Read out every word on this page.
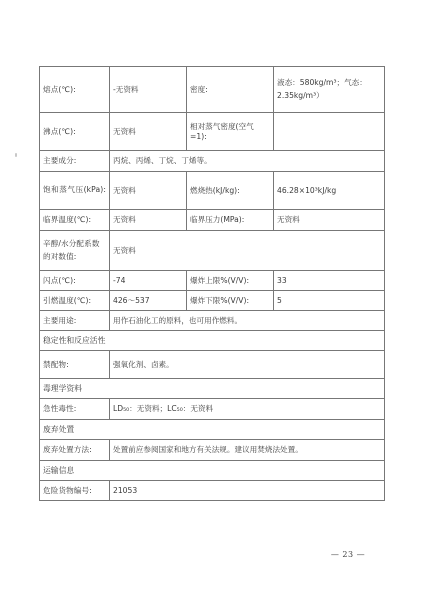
熔点(℃):	-无资料	密度:	液态：580kg/m³；气态：2.35kg/m³）
沸点(℃):	无资料	相对蒸气密度(空气=1):	
主要成分:	丙烷、丙烯、丁烷、丁烯等。		
饱和蒸气压(kPa):	无资料	燃烧热(kJ/kg):	46.28×10³kJ/kg
临界温度(℃):	无资料	临界压力(MPa):	无资料
辛醇/水分配系数的对数值:	无资料		
闪点(℃):	-74	爆炸上限%(V/V):	33
引燃温度(℃):	426～537	爆炸下限%(V/V):	5
主要用途:	用作石油化工的原料，也可用作燃料。		
稳定性和反应活性			
禁配物:	强氧化剂、卤素。		
毒理学资料			
急性毒性:	LD₅₀：无资料；LC₅₀：无资料		
废弃处置			
废弃处置方法:	处置前应参阅国家和地方有关法规。建议用焚烧法处置。		
运输信息			
危险货物编号:	21053		
— 23 —
